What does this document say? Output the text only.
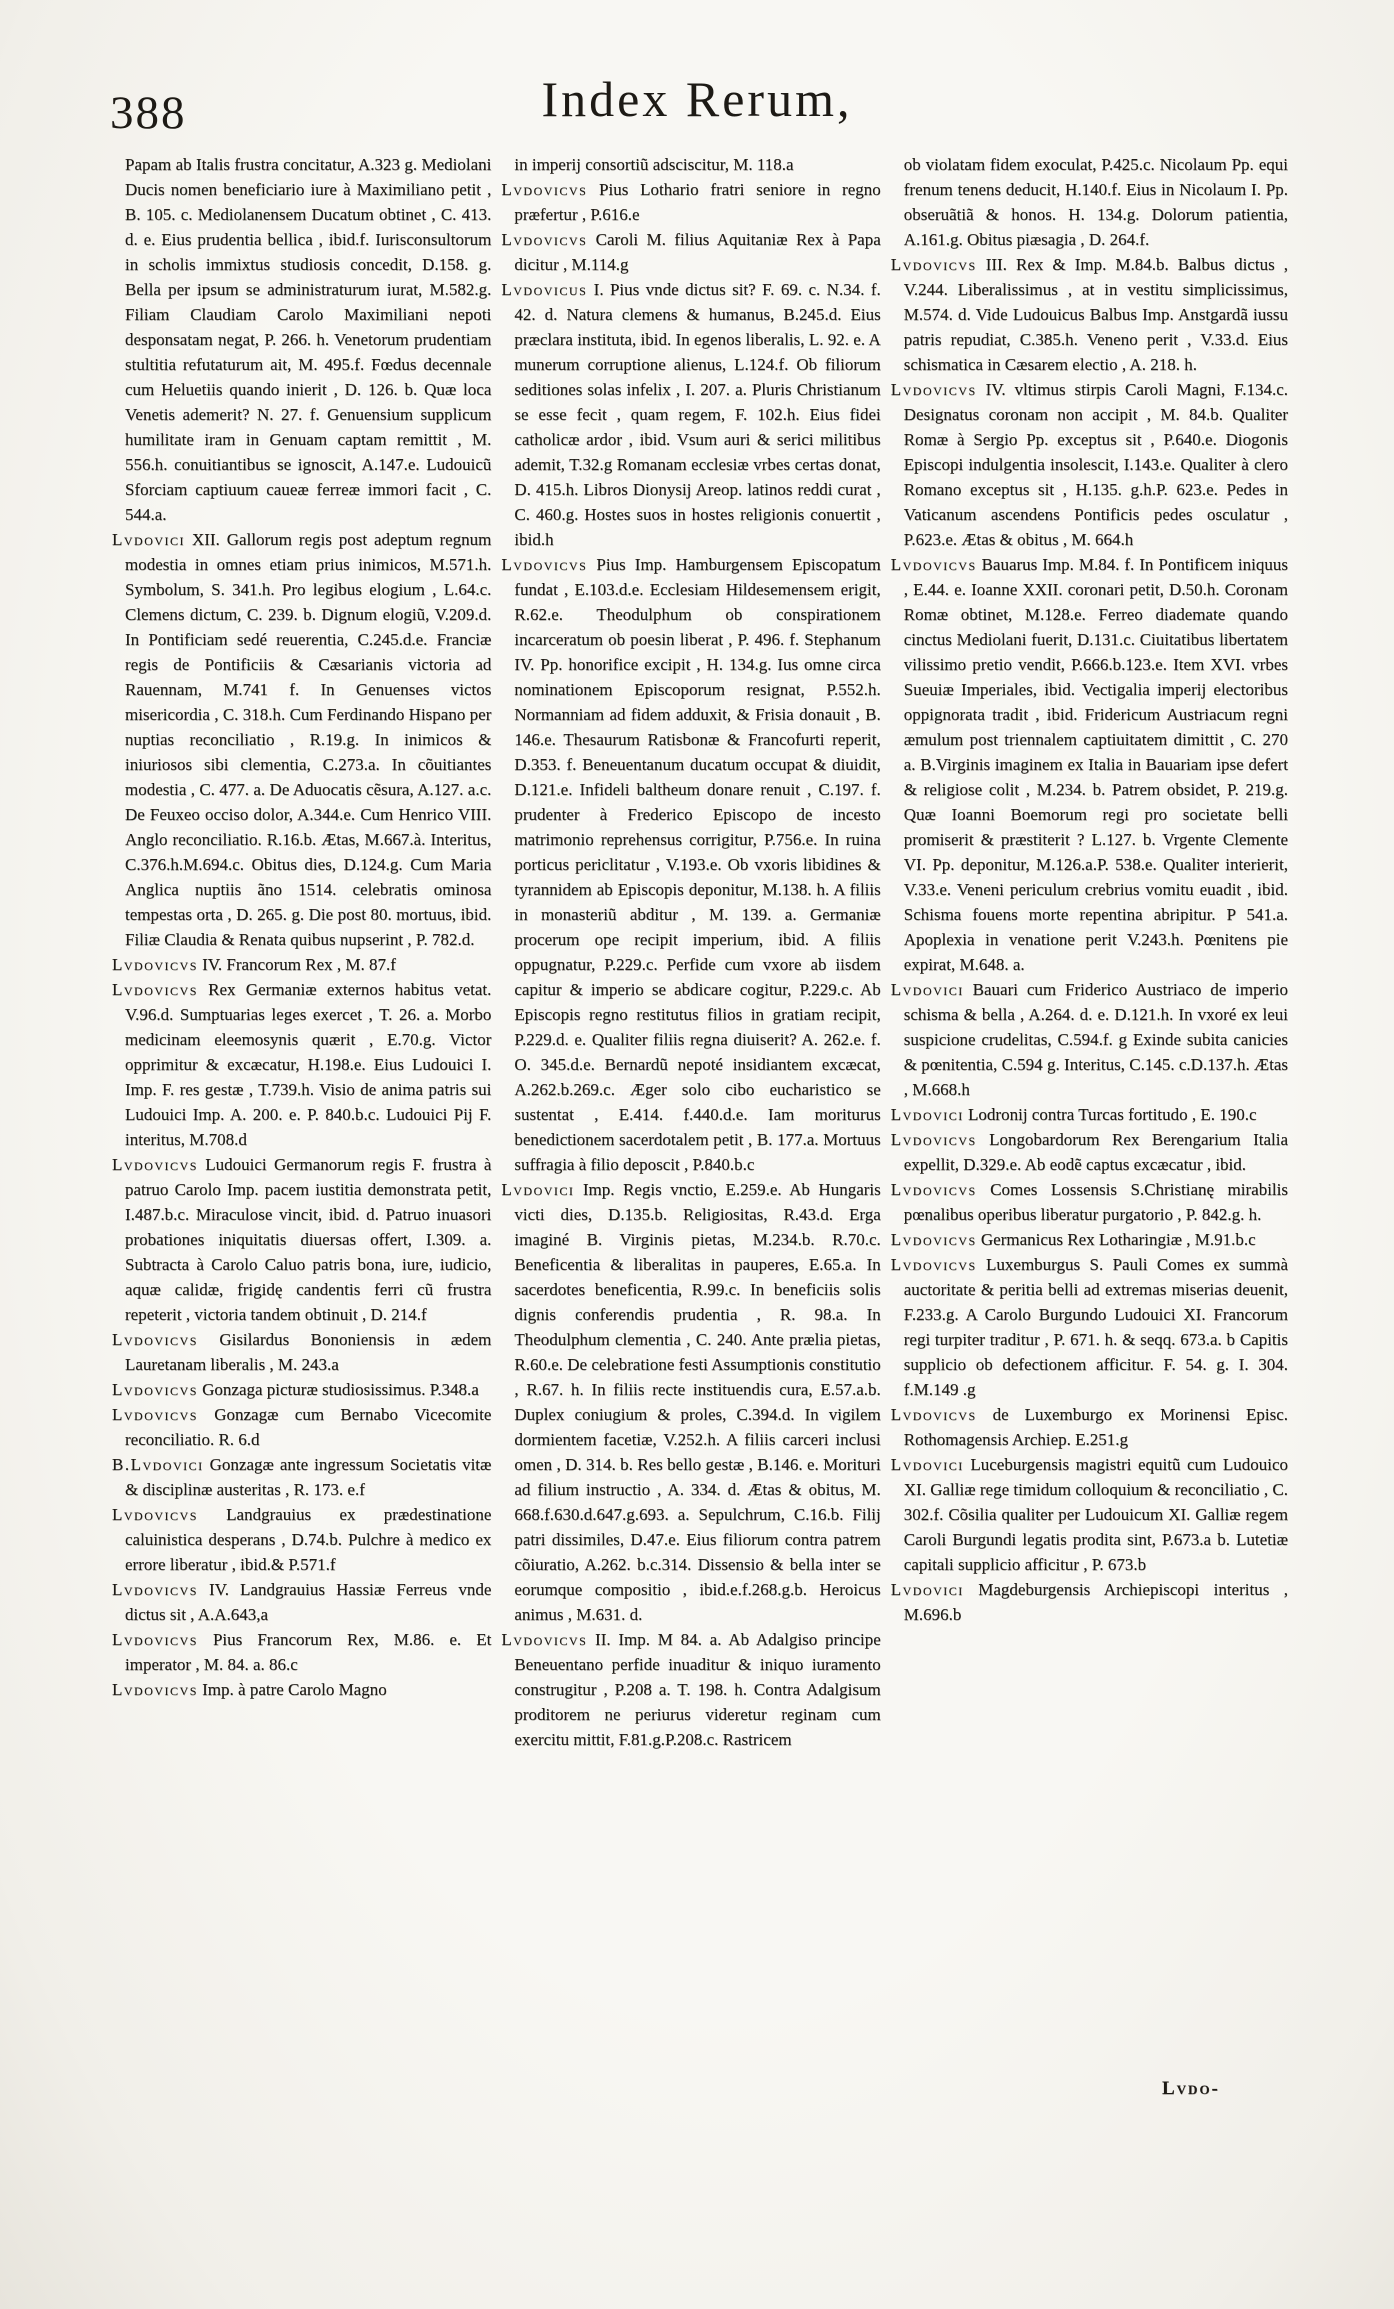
388	Index Rerum,

Papam ab Italis frustra concitatur, A.323 g. Mediolani Ducis nomen beneficiario iure à Maximiliano petit , B. 105. c. Mediolanensem Ducatum obtinet , C. 413. d. e. Eius prudentia bellica , ibid.f. Iurisconsultorum in scholis immixtus studiosis concedit, D.158. g. Bella per ipsum se administraturum iurat, M.582.g. Filiam Claudiam Carolo Maximiliani nepoti desponsatam negat, P. 266. h. Venetorum prudentiam stultitia refutaturum ait, M. 495.f. Fœdus decennale cum Heluetiis quando inierit , D. 126. b. Quæ loca Venetis ademerit? N. 27. f. Genuensium supplicum humilitate iram in Genuam captam remittit , M. 556.h. conuitiantibus se ignoscit, A.147.e. Ludouicũ Sforciam captiuum caueæ ferreæ immori facit , C. 544.a.

Lvdovici XII. Gallorum regis post adeptum regnum modestia in omnes etiam prius inimicos, M.571.h. Symbolum, S. 341.h. Pro legibus elogium , L.64.c. Clemens dictum, C. 239. b. Dignum elogiũ, V.209.d. In Pontificiam sedé reuerentia, C.245.d.e. Franciæ regis de Pontificiis & Cæsarianis victoria ad Rauennam, M.741 f. In Genuenses victos misericordia , C. 318.h. Cum Ferdinando Hispano per nuptias reconciliatio , R.19.g. In inimicos & iniuriosos sibi clementia, C.273.a. In cõuitiantes modestia , C. 477. a. De Aduocatis cẽsura, A.127. a.c. De Feuxeo occiso dolor, A.344.e. Cum Henrico VIII. Anglo reconciliatio. R.16.b. Ætas, M.667.à. Interitus, C.376.h.M.694.c. Obitus dies, D.124.g. Cum Maria Anglica nuptiis ãno 1514. celebratis ominosa tempestas orta , D. 265. g. Die post 80. mortuus, ibid. Filiæ Claudia & Renata quibus nupserint , P. 782.d.

Lvdovicvs IV. Francorum Rex , M. 87.f

Lvdovicvs Rex Germaniæ externos habitus vetat. V.96.d. Sumptuarias leges exercet , T. 26. a. Morbo medicinam eleemosynis quærit , E.70.g. Victor opprimitur & excæcatur, H.198.e. Eius Ludouici I. Imp. F. res gestæ , T.739.h. Visio de anima patris sui Ludouici Imp. A. 200. e. P. 840.b.c. Ludouici Pij F. interitus, M.708.d

Lvdovicvs Ludouici Germanorum regis F. frustra à patruo Carolo Imp. pacem iustitia demonstrata petit, I.487.b.c. Miraculose vincit, ibid. d. Patruo inuasori probationes iniquitatis diuersas offert, I.309. a. Subtracta à Carolo Caluo patris bona, iure, iudicio, aquæ calidæ, frigidę candentis ferri cũ frustra repeterit , victoria tandem obtinuit , D. 214.f

Lvdovicvs Gisilardus Bononiensis in ædem Lauretanam liberalis , M. 243.a

Lvdovicvs Gonzaga picturæ studiosissimus. P.348.a

Lvdovicvs Gonzagæ cum Bernabo Vicecomite reconciliatio. R. 6.d

B.Lvdovici Gonzagæ ante ingressum Societatis vitæ & disciplinæ austeritas , R. 173. e.f

Lvdovicvs Landgrauius ex prædestinatione caluinistica desperans , D.74.b. Pulchre à medico ex errore liberatur , ibid.& P.571.f

Lvdovicvs IV. Landgrauius Hassiæ Ferreus vnde dictus sit , A.A.643,a

Lvdovicvs Pius Francorum Rex, M.86. e. Et imperator , M. 84. a. 86.c

Lvdovicvs Imp. à patre Carolo Magno

in imperij consortiũ adsciscitur, M. 118.a

Lvdovicvs Pius Lothario fratri seniore in regno præfertur , P.616.e

Lvdovicvs Caroli M. filius Aquitaniæ Rex à Papa dicitur , M.114.g

Lvdovicus I. Pius vnde dictus sit? F. 69. c. N.34. f. 42. d. Natura clemens & humanus, B.245.d. Eius præclara instituta, ibid. In egenos liberalis, L. 92. e. A munerum corruptione alienus, L.124.f. Ob filiorum seditiones solas infelix , I. 207. a. Pluris Christianum se esse fecit , quam regem, F. 102.h. Eius fidei catholicæ ardor , ibid. Vsum auri & serici militibus ademit, T.32.g Romanam ecclesiæ vrbes certas donat, D. 415.h. Libros Dionysij Areop. latinos reddi curat , C. 460.g. Hostes suos in hostes religionis conuertit , ibid.h

Lvdovicvs Pius Imp. Hamburgensem Episcopatum fundat , E.103.d.e. Ecclesiam Hildesemensem erigit, R.62.e. Theodulphum ob conspirationem incarceratum ob poesin liberat , P. 496. f. Stephanum IV. Pp. honorifice excipit , H. 134.g. Ius omne circa nominationem Episcoporum resignat, P.552.h. Normanniam ad fidem adduxit, & Frisia donauit , B. 146.e. Thesaurum Ratisbonæ & Francofurti reperit, D.353. f. Beneuentanum ducatum occupat & diuidit, D.121.e. Infideli baltheum donare renuit , C.197. f. prudenter à Frederico Episcopo de incesto matrimonio reprehensus corrigitur, P.756.e. In ruina porticus periclitatur , V.193.e. Ob vxoris libidines & tyrannidem ab Episcopis deponitur, M.138. h. A filiis in monasteriũ abditur , M. 139. a. Germaniæ procerum ope recipit imperium, ibid. A filiis oppugnatur, P.229.c. Perfide cum vxore ab iisdem capitur & imperio se abdicare cogitur, P.229.c. Ab Episcopis regno restitutus filios in gratiam recipit, P.229.d. e. Qualiter filiis regna diuiserit? A. 262.e. f. O. 345.d.e. Bernardũ nepoté insidiantem excæcat, A.262.b.269.c. Æger solo cibo eucharistico se sustentat , E.414. f.440.d.e. Iam moriturus benedictionem sacerdotalem petit , B. 177.a. Mortuus suffragia à filio deposcit , P.840.b.c

Lvdovici Imp. Regis vnctio, E.259.e. Ab Hungaris victi dies, D.135.b. Religiositas, R.43.d. Erga imaginé B. Virginis pietas, M.234.b. R.70.c. Beneficentia & liberalitas in pauperes, E.65.a. In sacerdotes beneficentia, R.99.c. In beneficiis solis dignis conferendis prudentia , R. 98.a. In Theodulphum clementia , C. 240. Ante prælia pietas, R.60.e. De celebratione festi Assumptionis constitutio , R.67. h. In filiis recte instituendis cura, E.57.a.b. Duplex coniugium & proles, C.394.d. In vigilem dormientem facetiæ, V.252.h. A filiis carceri inclusi omen , D. 314. b. Res bello gestæ , B.146. e. Morituri ad filium instructio , A. 334. d. Ætas & obitus, M. 668.f.630.d.647.g.693. a. Sepulchrum, C.16.b. Filij patri dissimiles, D.47.e. Eius filiorum contra patrem cõiuratio, A.262. b.c.314. Dissensio & bella inter se eorumque compositio , ibid.e.f.268.g.b. Heroicus animus , M.631. d.

Lvdovicvs II. Imp. M 84. a. Ab Adalgiso principe Beneuentano perfide inuaditur & iniquo iuramento construgitur , P.208 a. T. 198. h. Contra Adalgisum proditorem ne periurus videretur reginam cum exercitu mittit, F.81.g.P.208.c. Rastricem

ob violatam fidem exoculat, P.425.c. Nicolaum Pp. equi frenum tenens deducit, H.140.f. Eius in Nicolaum I. Pp. obseruãtiã & honos. H. 134.g. Dolorum patientia, A.161.g. Obitus piæsagia , D. 264.f.

Lvdovicvs III. Rex & Imp. M.84.b. Balbus dictus , V.244. Liberalissimus , at in vestitu simplicissimus, M.574. d. Vide Ludouicus Balbus Imp. Anstgardã iussu patris repudiat, C.385.h. Veneno perit , V.33.d. Eius schismatica in Cæsarem electio , A. 218. h.

Lvdovicvs IV. vltimus stirpis Caroli Magni, F.134.c. Designatus coronam non accipit , M. 84.b. Qualiter Romæ à Sergio Pp. exceptus sit , P.640.e. Diogonis Episcopi indulgentia insolescit, I.143.e. Qualiter à clero Romano exceptus sit , H.135. g.h.P. 623.e. Pedes in Vaticanum ascendens Pontificis pedes osculatur , P.623.e. Ætas & obitus , M. 664.h

Lvdovicvs Bauarus Imp. M.84. f. In Pontificem iniquus , E.44. e. Ioanne XXII. coronari petit, D.50.h. Coronam Romæ obtinet, M.128.e. Ferreo diademate quando cinctus Mediolani fuerit, D.131.c. Ciuitatibus libertatem vilissimo pretio vendit, P.666.b.123.e. Item XVI. vrbes Sueuiæ Imperiales, ibid. Vectigalia imperij electoribus oppignorata tradit , ibid. Fridericum Austriacum regni æmulum post triennalem captiuitatem dimittit , C. 270 a. B.Virginis imaginem ex Italia in Bauariam ipse defert & religiose colit , M.234. b. Patrem obsidet, P. 219.g. Quæ Ioanni Boemorum regi pro societate belli promiserit & præstiterit ? L.127. b. Vrgente Clemente VI. Pp. deponitur, M.126.a.P. 538.e. Qualiter interierit, V.33.e. Veneni periculum crebrius vomitu euadit , ibid. Schisma fouens morte repentina abripitur. P 541.a. Apoplexia in venatione perit V.243.h. Pœnitens pie expirat, M.648. a.

Lvdovici Bauari cum Friderico Austriaco de imperio schisma & bella , A.264. d. e. D.121.h. In vxoré ex leui suspicione crudelitas, C.594.f. g Exinde subita canicies & pœnitentia, C.594 g. Interitus, C.145. c.D.137.h. Ætas , M.668.h

Lvdovici Lodronij contra Turcas fortitudo , E. 190.c

Lvdovicvs Longobardorum Rex Berengarium Italia expellit, D.329.e. Ab eodẽ captus excæcatur , ibid.

Lvdovicvs Comes Lossensis S.Christianę mirabilis pœnalibus operibus liberatur purgatorio , P. 842.g. h.

Lvdovicvs Germanicus Rex Lotharingiæ , M.91.b.c

Lvdovicvs Luxemburgus S. Pauli Comes ex summà auctoritate & peritia belli ad extremas miserias deuenit, F.233.g. A Carolo Burgundo Ludouici XI. Francorum regi turpiter traditur , P. 671. h. & seqq. 673.a. b Capitis supplicio ob defectionem afficitur. F. 54. g. I. 304. f.M.149 .g

Lvdovicvs de Luxemburgo ex Morinensi Episc. Rothomagensis Archiep. E.251.g

Lvdovici Luceburgensis magistri equitũ cum Ludouico XI. Galliæ rege timidum colloquium & reconciliatio , C. 302.f. Cõsilia qualiter per Ludouicum XI. Galliæ regem Caroli Burgundi legatis prodita sint, P.673.a b. Lutetiæ capitali supplicio afficitur , P. 673.b

Lvdovici Magdeburgensis Archiepiscopi interitus , M.696.b

Lvdo-
